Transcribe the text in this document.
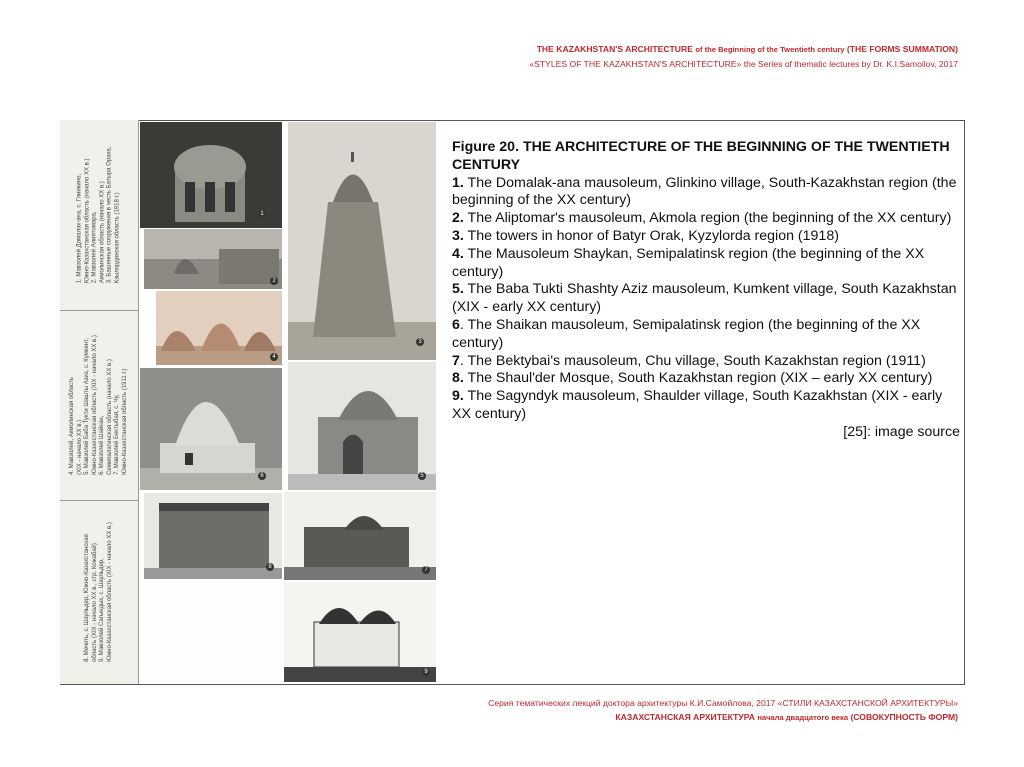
THE KAZAKHSTAN'S ARCHITECTURE of the Beginning of the Twentieth century (THE FORMS SUMMATION)
«STYLES OF THE KAZAKHSTAN'S ARCHITECTURE» the Series of thematic lectures by Dr. K.I.Samoilov, 2017
1. Мавзолей Домалак-ана, с. Глинкино,
Южно-Казахстанская область (начало XX в.)
2. Мавзолей Алиптомара,
Акмолинская область (начало XX в.)
3. Башенные сооружения в честь Батыра Орака,
Кзылординская область (1918 г.)
4. Мавзолей, Акмолинская область
(XIX - начало XX в.)
5. Мавзолей Баба Тукти Шашты Азиз, с. Кумкент,
Южно-Казахстанская область (XIX - начало XX в.)
6. Мавзолей Шайкан,
Семипалатинская область (начало XX в.)
7. Мавзолей Бектыбая, с. Чу,
Южно-Казахстанская область (1911 г.)
8. Мечеть, с. Шаульдер, Южно-Казахстанская
область (XIX - начало XX в., стр. Кожабай)
9. Мавзолей Сагындык, с. Шаульдер,
Южно-Казахстанская область (XIX - начало XX в.)
1
2
4
6
8
3
5
7
9
Figure 20. THE ARCHITECTURE OF THE BEGINNING OF THE TWENTIETH CENTURY
1. The Domalak-ana mausoleum, Glinkino village, South-Kazakhstan region (the beginning of the XX century)
2. The Aliptomar's mausoleum, Akmola region (the beginning of the XX century)
3. The towers in honor of Batyr Orak, Kyzylorda region (1918)
4. The Mausoleum Shaykan, Semipalatinsk region (the beginning of the XX century)
5. The Baba Tukti Shashty Aziz mausoleum, Kumkent village, South Kazakhstan (XIX - early XX century)
6. The Shaikan mausoleum, Semipalatinsk region (the beginning of the XX century)
7. The Bektybai's mausoleum, Chu village, South Kazakhstan region (1911)
8. The Shaul'der Mosque, South Kazakhstan region (XIX – early XX century)
9. The Sagyndyk mausoleum, Shaulder village, South Kazakhstan (XIX - early XX century)
[25]: image source
Серия тематических лекций доктора архитектуры К.И.Самойлова, 2017 «СТИЛИ КАЗАХСТАНСКОЙ АРХИТЕКТУРЫ»
КАЗАХСТАНСКАЯ АРХИТЕКТУРА начала двадцатого века (СОВОКУПНОСТЬ ФОРМ)
